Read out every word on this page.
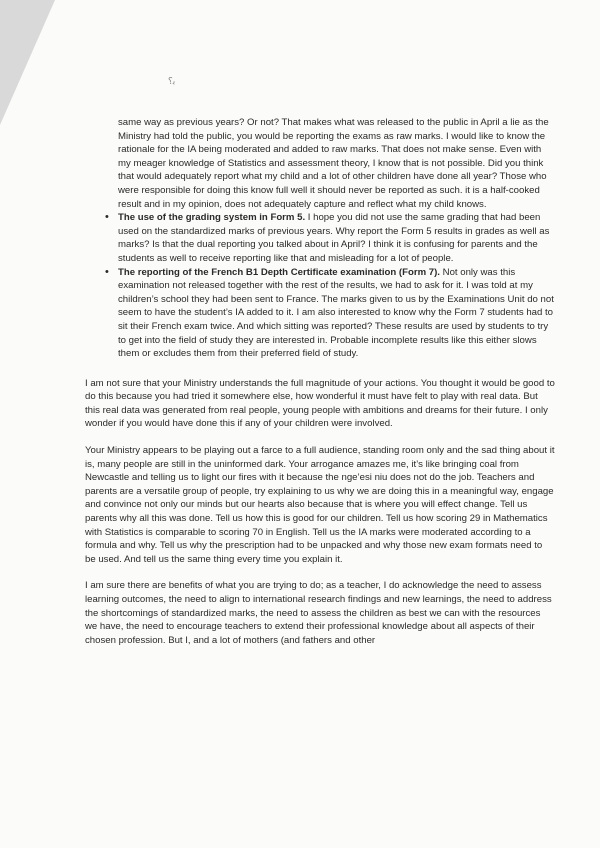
ﺑ؟

same way as previous years? Or not? That makes what was released to the public in April a lie as the Ministry had told the public, you would be reporting the exams as raw marks. I would like to know the rationale for the IA being moderated and added to raw marks. That does not make sense. Even with my meager knowledge of Statistics and assessment theory, I know that is not possible. Did you think that would adequately report what my child and a lot of other children have done all year? Those who were responsible for doing this know full well it should never be reported as such. it is a half-cooked result and in my opinion, does not adequately capture and reflect what my child knows.

• The use of the grading system in Form 5. I hope you did not use the same grading that had been used on the standardized marks of previous years. Why report the Form 5 results in grades as well as marks? Is that the dual reporting you talked about in April? I think it is confusing for parents and the students as well to receive reporting like that and misleading for a lot of people.
• The reporting of the French B1 Depth Certificate examination (Form 7). Not only was this examination not released together with the rest of the results, we had to ask for it. I was told at my children’s school they had been sent to France. The marks given to us by the Examinations Unit do not seem to have the student’s IA added to it. I am also interested to know why the Form 7 students had to sit their French exam twice. And which sitting was reported? These results are used by students to try to get into the field of study they are interested in. Probable incomplete results like this either slows them or excludes them from their preferred field of study.

I am not sure that your Ministry understands the full magnitude of your actions. You thought it would be good to do this because you had tried it somewhere else, how wonderful it must have felt to play with real data. But this real data was generated from real people, young people with ambitions and dreams for their future. I only wonder if you would have done this if any of your children were involved.

Your Ministry appears to be playing out a farce to a full audience, standing room only and the sad thing about it is, many people are still in the uninformed dark. Your arrogance amazes me, it’s like bringing coal from Newcastle and telling us to light our fires with it because the nge’esi niu does not do the job. Teachers and parents are a versatile group of people, try explaining to us why we are doing this in a meaningful way, engage and convince not only our minds but our hearts also because that is where you will effect change. Tell us parents why all this was done. Tell us how this is good for our children. Tell us how scoring 29 in Mathematics with Statistics is comparable to scoring 70 in English. Tell us the IA marks were moderated according to a formula and why. Tell us why the prescription had to be unpacked and why those new exam formats need to be used. And tell us the same thing every time you explain it.

I am sure there are benefits of what you are trying to do; as a teacher, I do acknowledge the need to assess learning outcomes, the need to align to international research findings and new learnings, the need to address the shortcomings of standardized marks, the need to assess the children as best we can with the resources we have, the need to encourage teachers to extend their professional knowledge about all aspects of their chosen profession. But I, and a lot of mothers (and fathers and other
